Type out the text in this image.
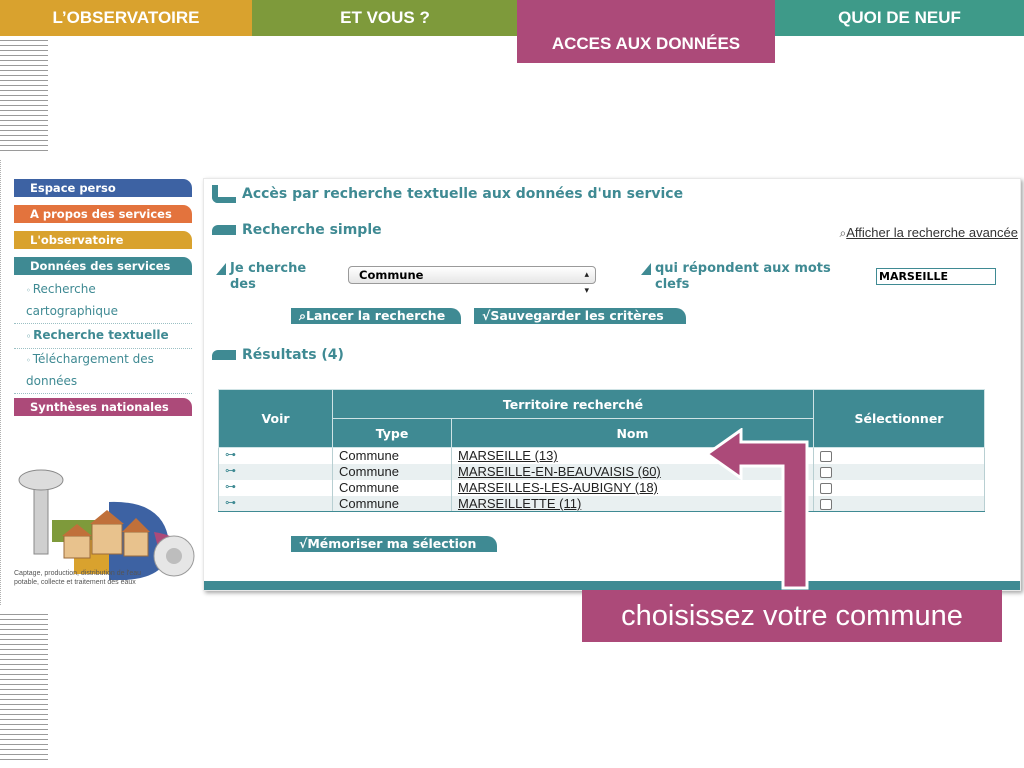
L’OBSERVATOIRE	ET VOUS ?
ACCES AUX DONNÉES
QUOI DE NEUF
Espace perso
A propos des services
L'observatoire
Données des services
◦ Recherche
cartographique
◦ Recherche textuelle
◦ Téléchargement des
données
Synthèses nationales
Captage, production, distribution de l'eau potable, collecte et traitement des eaux
Accès par recherche textuelle aux données d'un service
Recherche simple	⌕Afficher la recherche avancée
Je cherche des
Commune	▴
▾
qui répondent aux mots clefs
MARSEILLE
⌕Lancer la recherche	√Sauvegarder les critères
Résultats (4)
Voir	Territoire recherché		Sélectionner
	Type	Nom	
⊶	Commune	MARSEILLE (13)	
⊶	Commune	MARSEILLE-EN-BEAUVAISIS (60)	
⊶	Commune	MARSEILLES-LES-AUBIGNY (18)	
⊶	Commune	MARSEILLETTE (11)	
√Mémoriser ma sélection
choisissez votre commune
